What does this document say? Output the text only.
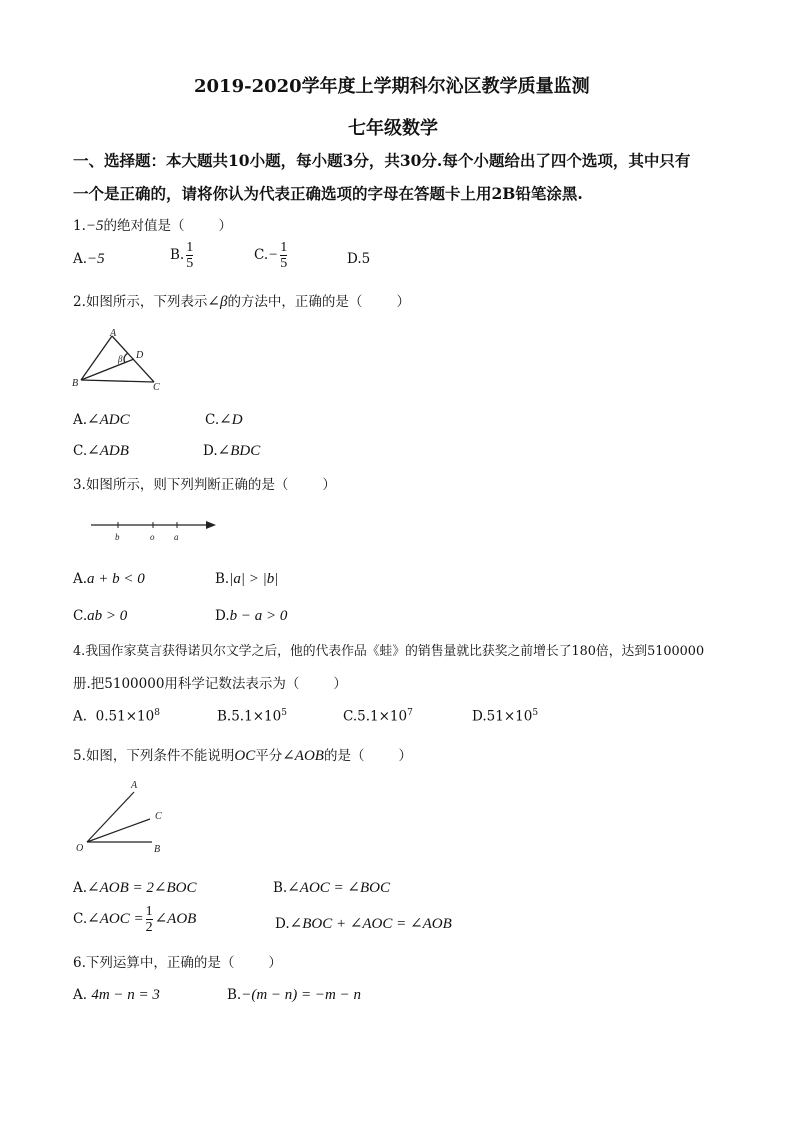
2019-2020学年度上学期科尔沁区教学质量监测
七年级数学
一、选择题：本大题共10小题，每小题3分，共30分.每个小题给出了四个选项，其中只有
一个是正确的，请将你认为代表正确选项的字母在答题卡上用2B铅笔涂黑.
1.−5的绝对值是（	）
A.−5	B. $\frac{1}{5}$	$C.- \frac{1}{5}$	D.5
2.如图所示，下列表示∠β的方法中，正确的是（	）
A
B	C
D
β
A.∠ADC	C.∠D
C.∠ADB	D.∠BDC
3.如图所示，则下列判断正确的是（	）
b	o a
A.a + b < 0	B.|a| > |b|
C.ab > 0	D.b − a > 0
4.我国作家莫言获得诺贝尔文学之后，他的代表作品《蛙》的销售量就比获奖之前增长了180倍，达到5100000
册.把5100000用科学记数法表示为（	）
A. $0.51\times 10^8$	$B.5.1\times 10^5$	$C.5.1\times 10^7$	$D.51\times 10^5$
5.如图，下列条件不能说明OC平分∠AOB的是（	）
A
C
O	B
A.∠AOB = 2∠BOC	B.∠AOC = ∠BOC
C.∠AOC = $\frac{1}{2}$ ∠AOB	D.∠BOC + ∠AOC = ∠AOB
6.下列运算中，正确的是（	）
A. 4m − n = 3	B.−(m − n) = −m − n
